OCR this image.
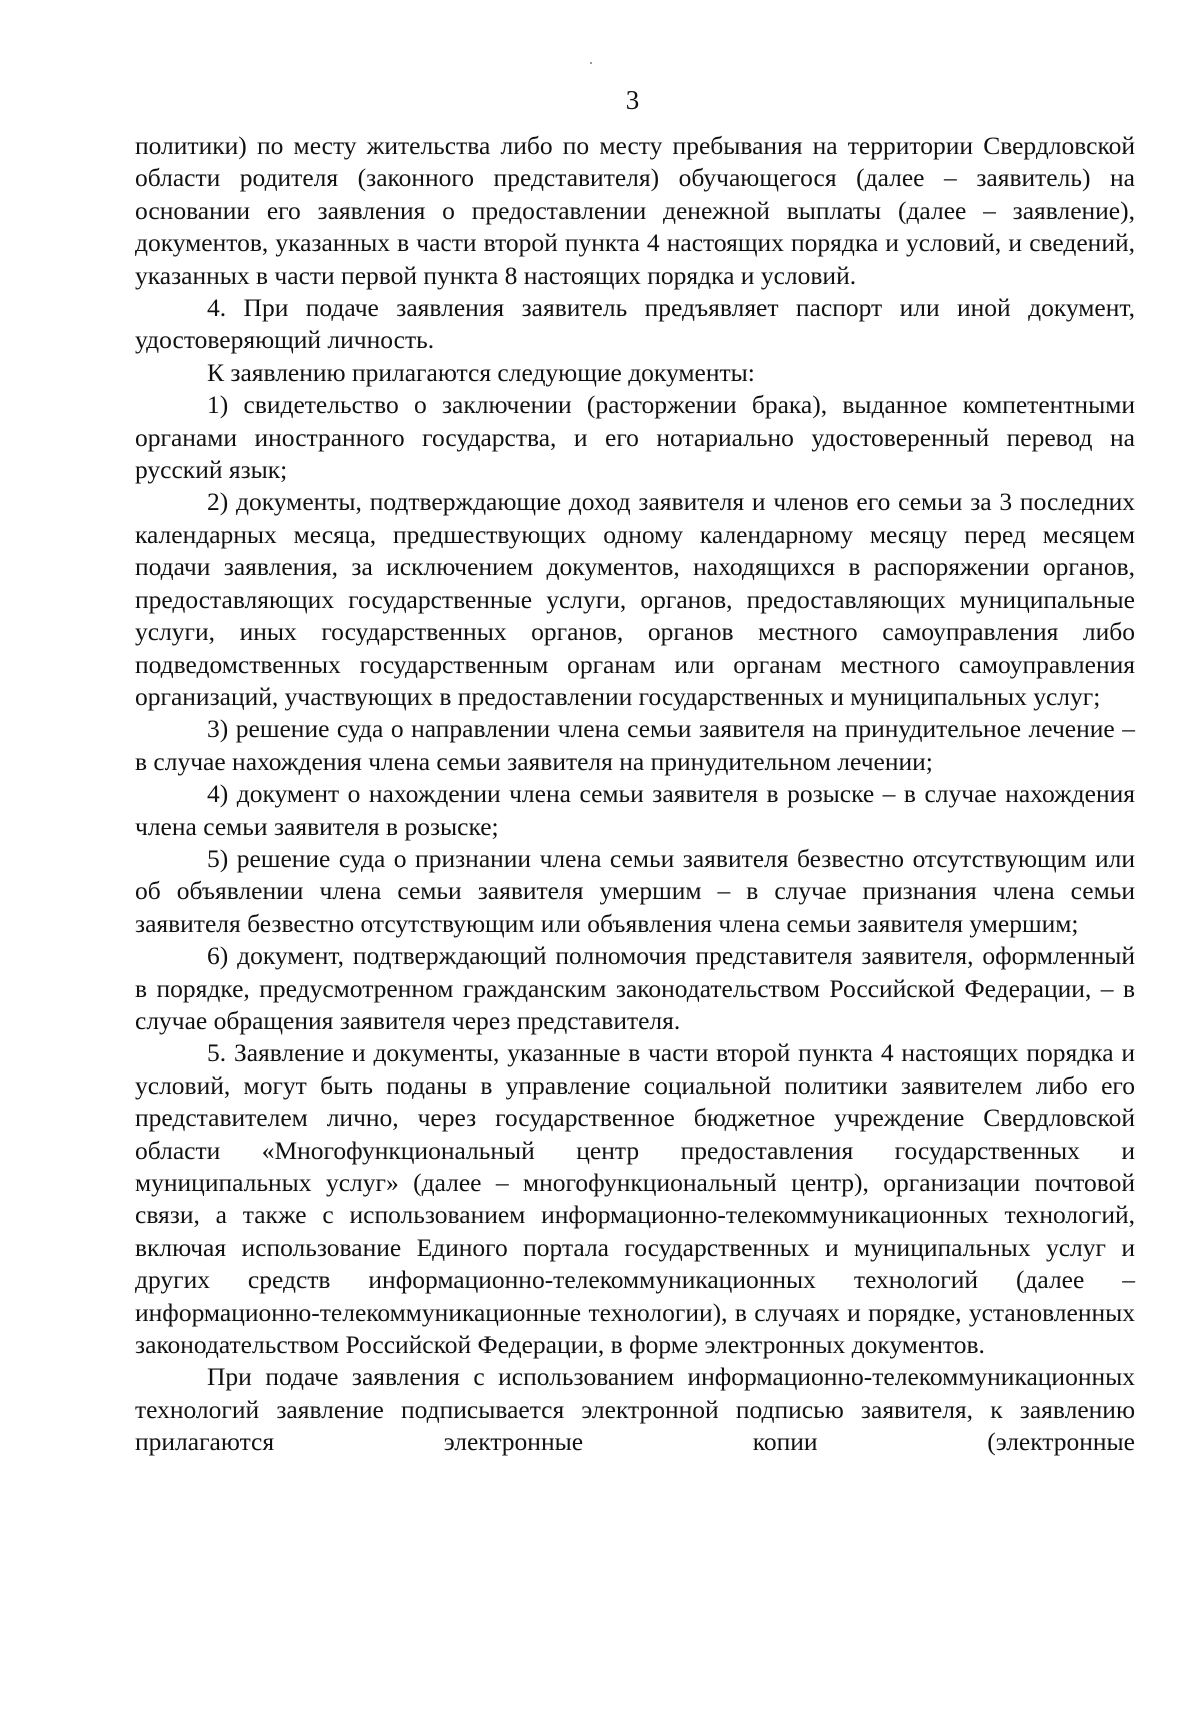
3

политики) по месту жительства либо по месту пребывания на территории Свердловской области родителя (законного представителя) обучающегося (далее – заявитель) на основании его заявления о предоставлении денежной выплаты (далее – заявление), документов, указанных в части второй пункта 4 настоящих порядка и условий, и сведений, указанных в части первой пункта 8 настоящих порядка и условий.

4. При подаче заявления заявитель предъявляет паспорт или иной документ, удостоверяющий личность.

К заявлению прилагаются следующие документы:

1) свидетельство о заключении (расторжении брака), выданное компетентными органами иностранного государства, и его нотариально удостоверенный перевод на русский язык;

2) документы, подтверждающие доход заявителя и членов его семьи за 3 последних календарных месяца, предшествующих одному календарному месяцу перед месяцем подачи заявления, за исключением документов, находящихся в распоряжении органов, предоставляющих государственные услуги, органов, предоставляющих муниципальные услуги, иных государственных органов, органов местного самоуправления либо подведомственных государственным органам или органам местного самоуправления организаций, участвующих в предоставлении государственных и муниципальных услуг;

3) решение суда о направлении члена семьи заявителя на принудительное лечение – в случае нахождения члена семьи заявителя на принудительном лечении;

4) документ о нахождении члена семьи заявителя в розыске – в случае нахождения члена семьи заявителя в розыске;

5) решение суда о признании члена семьи заявителя безвестно отсутствующим или об объявлении члена семьи заявителя умершим – в случае признания члена семьи заявителя безвестно отсутствующим или объявления члена семьи заявителя умершим;

6) документ, подтверждающий полномочия представителя заявителя, оформленный в порядке, предусмотренном гражданским законодательством Российской Федерации, – в случае обращения заявителя через представителя.

5. Заявление и документы, указанные в части второй пункта 4 настоящих порядка и условий, могут быть поданы в управление социальной политики заявителем либо его представителем лично, через государственное бюджетное учреждение Свердловской области «Многофункциональный центр предоставления государственных и муниципальных услуг» (далее – многофункциональный центр), организации почтовой связи, а также с использованием информационно-телекоммуникационных технологий, включая использование Единого портала государственных и муниципальных услуг и других средств информационно-телекоммуникационных технологий (далее – информационно-телекоммуникационные технологии), в случаях и порядке, установленных законодательством Российской Федерации, в форме электронных документов.

При подаче заявления с использованием информационно-телекоммуникационных технологий заявление подписывается электронной подписью заявителя, к заявлению прилагаются электронные копии (электронные
